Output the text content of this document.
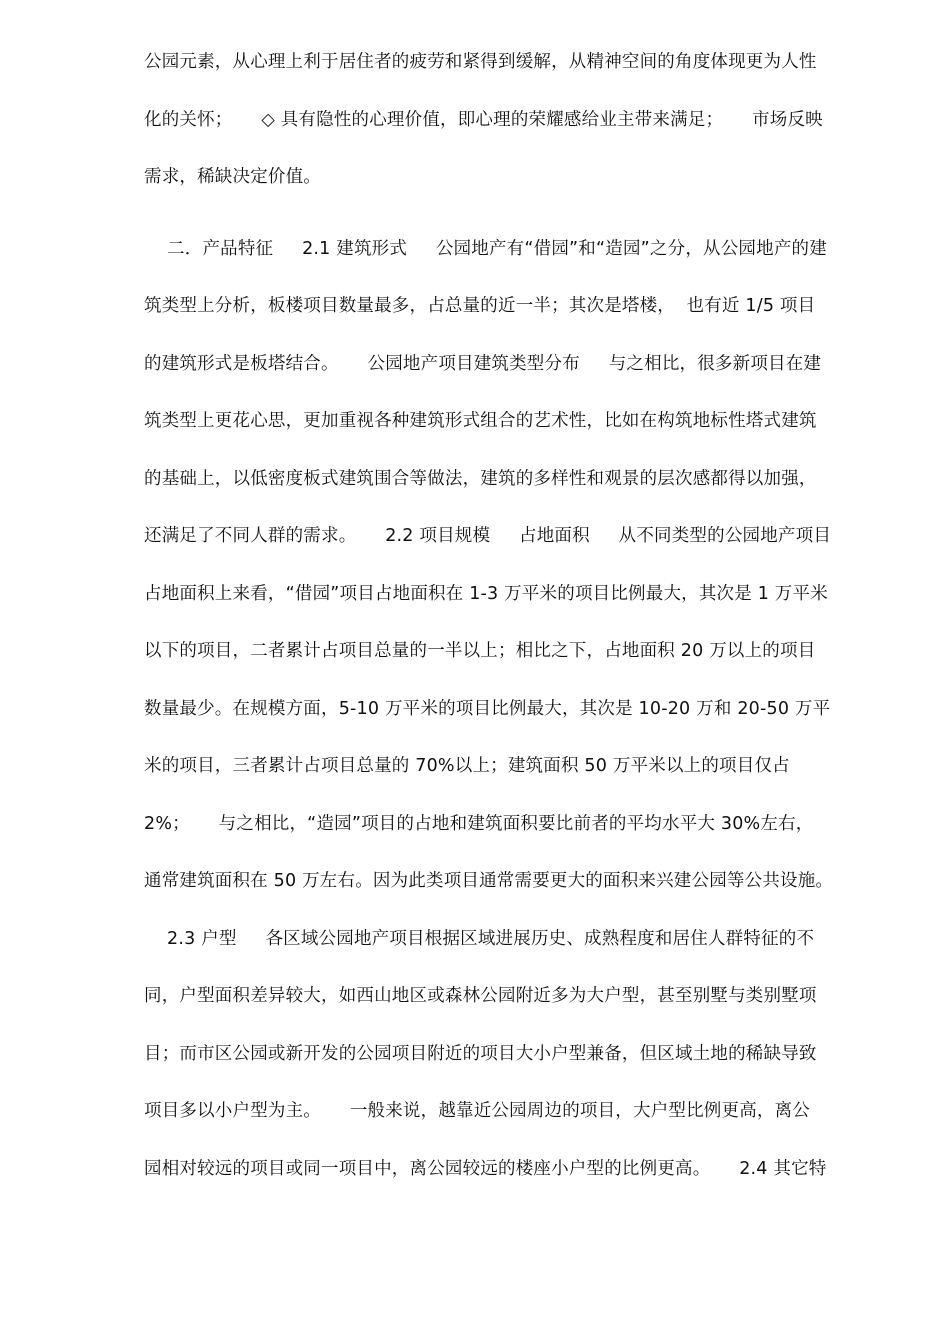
公园元素，从心理上利于居住者的疲劳和紧得到缓解，从精神空间的角度体现更为人性
化的关怀；     ◇ 具有隐性的心理价值，即心理的荣耀感给业主带来满足；     市场反映
需求，稀缺决定价值。
二．产品特征     2.1 建筑形式     公园地产有“借园”和“造园”之分，从公园地产的建
筑类型上分析，板楼项目数量最多，占总量的近一半；其次是塔楼，  也有近 1/5 项目
的建筑形式是板塔结合。     公园地产项目建筑类型分布     与之相比，很多新项目在建
筑类型上更花心思，更加重视各种建筑形式组合的艺术性，比如在构筑地标性塔式建筑
的基础上，以低密度板式建筑围合等做法，建筑的多样性和观景的层次感都得以加强，
还满足了不同人群的需求。     2.2 项目规模     占地面积     从不同类型的公园地产项目
占地面积上来看，“借园”项目占地面积在 1-3 万平米的项目比例最大，其次是 1 万平米
以下的项目，二者累计占项目总量的一半以上；相比之下，占地面积 20 万以上的项目
数量最少。在规模方面，5-10 万平米的项目比例最大，其次是 10-20 万和 20-50 万平
米的项目，三者累计占项目总量的 70%以上；建筑面积 50 万平米以上的项目仅占
2%；     与之相比，“造园”项目的占地和建筑面积要比前者的平均水平大 30%左右，
通常建筑面积在 50 万左右。因为此类项目通常需要更大的面积来兴建公园等公共设施。
2.3 户型     各区域公园地产项目根据区域进展历史、成熟程度和居住人群特征的不
同，户型面积差异较大，如西山地区或森林公园附近多为大户型，甚至别墅与类别墅项
目；而市区公园或新开发的公园项目附近的项目大小户型兼备，但区域土地的稀缺导致
项目多以小户型为主。     一般来说，越靠近公园周边的项目，大户型比例更高，离公
园相对较远的项目或同一项目中，离公园较远的楼座小户型的比例更高。     2.4 其它特
